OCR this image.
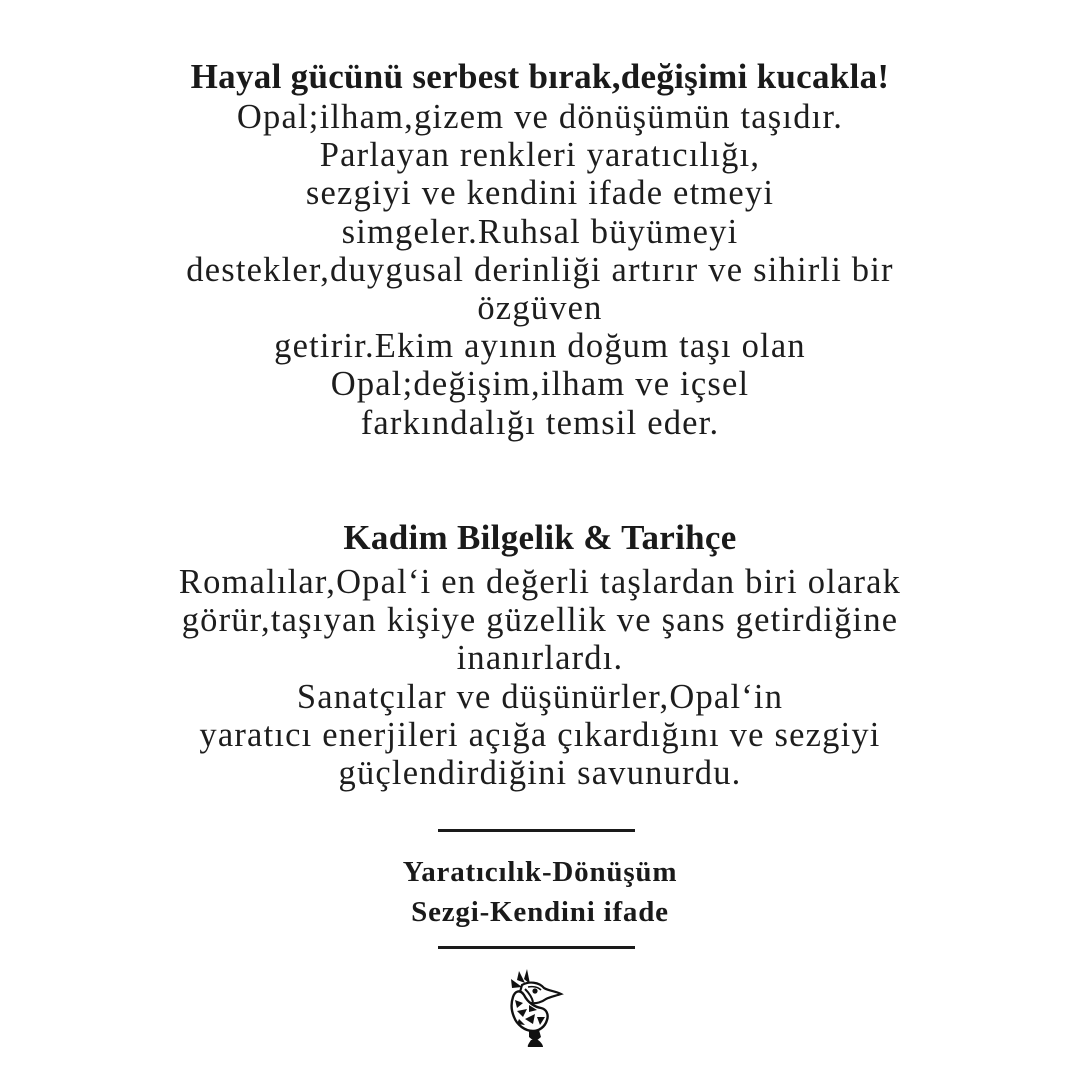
Hayal gücünü serbest bırak,değişimi kucakla!
Opal;ilham,gizem ve dönüşümün taşıdır.
Parlayan renkleri yaratıcılığı,
sezgiyi ve kendini ifade etmeyi
simgeler.Ruhsal büyümeyi
destekler,duygusal derinliği artırır ve sihirli bir
özgüven
getirir.Ekim ayının doğum taşı olan
Opal;değişim,ilham ve içsel
farkındalığı temsil eder.
Kadim Bilgelik & Tarihçe
Romalılar,Opal‘i en değerli taşlardan biri olarak
görür,taşıyan kişiye güzellik ve şans getirdiğine
inanırlardı.
Sanatçılar ve düşünürler,Opal‘in
yaratıcı enerjileri açığa çıkardığını ve sezgiyi
güçlendirdiğini savunurdu.
Yaratıcılık-Dönüşüm
Sezgi-Kendini ifade
